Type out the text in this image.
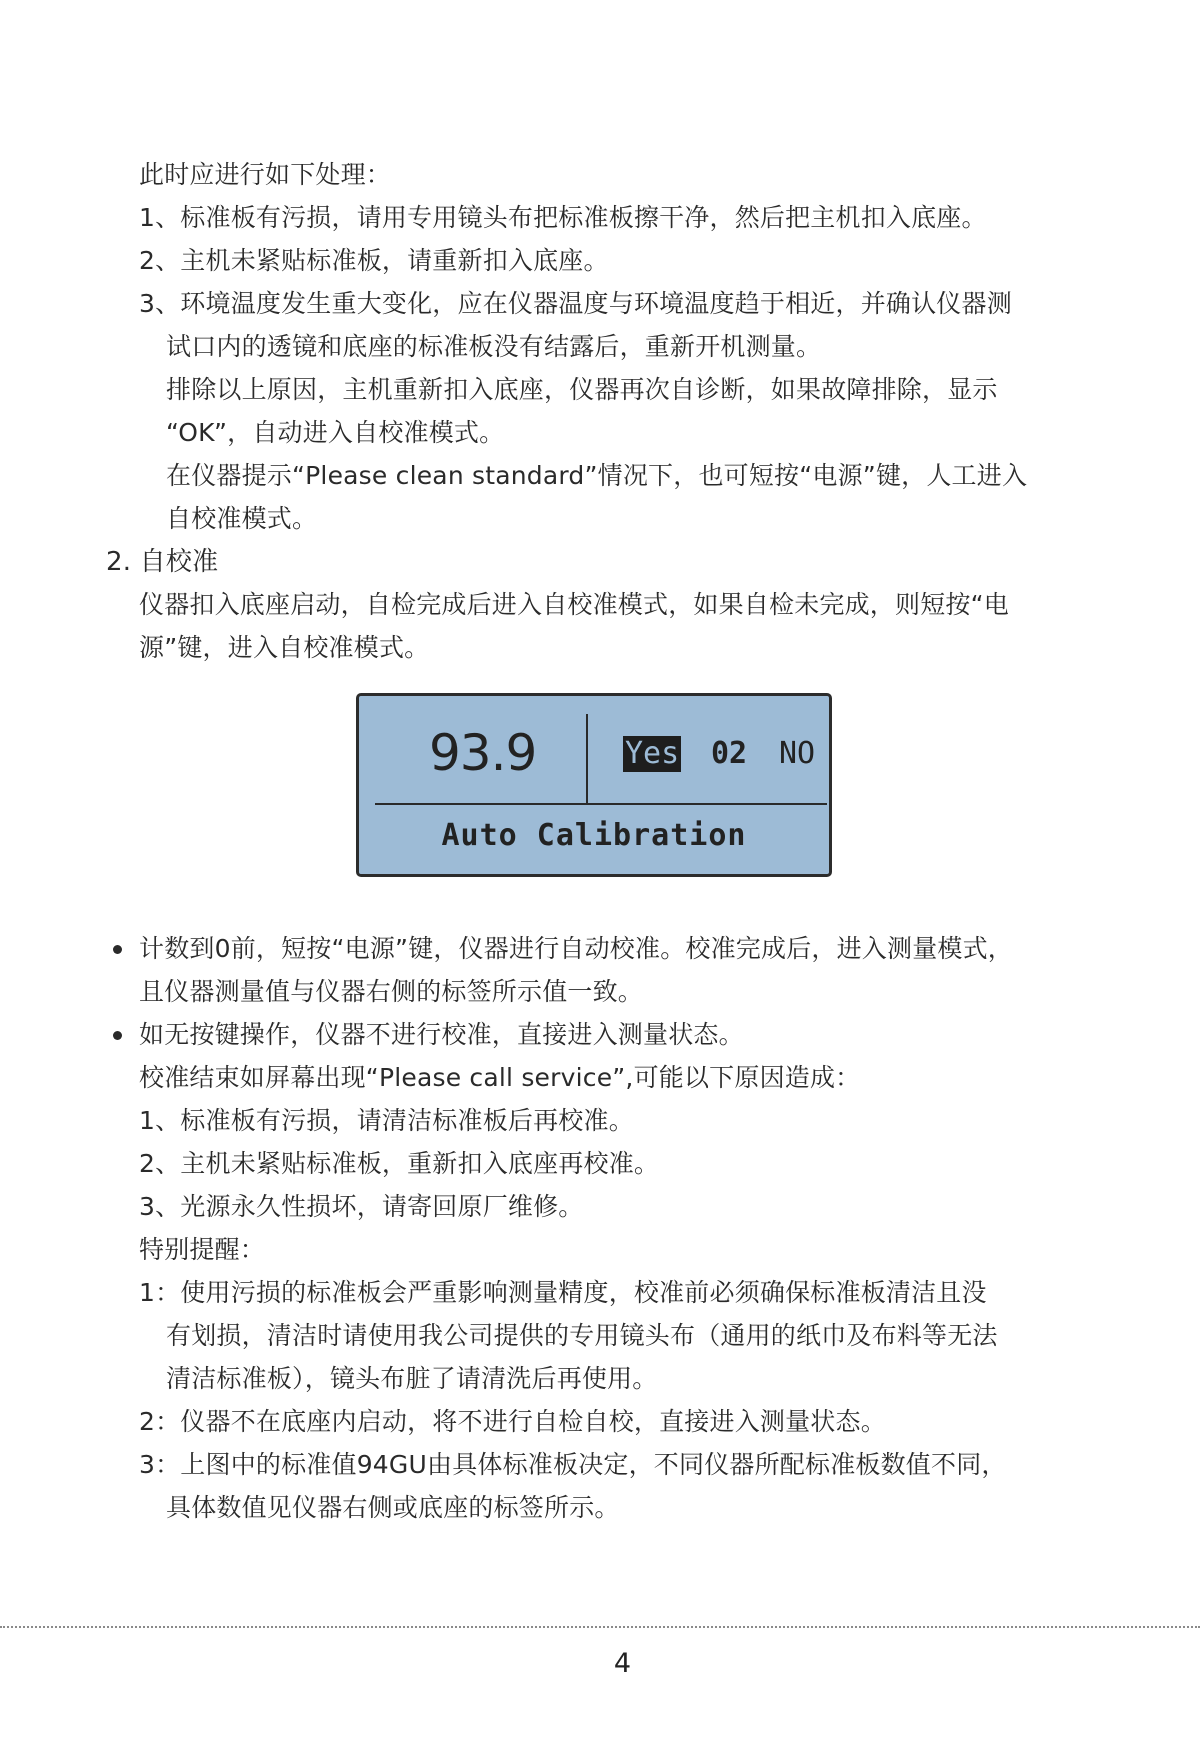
此时应进行如下处理：
1、标准板有污损，请用专用镜头布把标准板擦干净，然后把主机扣入底座。
2、主机未紧贴标准板，请重新扣入底座。
3、环境温度发生重大变化，应在仪器温度与环境温度趋于相近，并确认仪器测
试口内的透镜和底座的标准板没有结露后，重新开机测量。
排除以上原因，主机重新扣入底座，仪器再次自诊断，如果故障排除，显示
“OK”，自动进入自校准模式。
在仪器提示“Please clean standard”情况下，也可短按“电源”键，人工进入
自校准模式。
2. 自校准
仪器扣入底座启动，自检完成后进入自校准模式，如果自检未完成，则短按“电
源”键，进入自校准模式。
93.9	Yes 02 NO
Auto Calibration
计数到0前，短按“电源”键，仪器进行自动校准。校准完成后，进入测量模式，
且仪器测量值与仪器右侧的标签所示值一致。
如无按键操作，仪器不进行校准，直接进入测量状态。
校准结束如屏幕出现“Please call service”,可能以下原因造成：
1、标准板有污损，请清洁标准板后再校准。
2、主机未紧贴标准板，重新扣入底座再校准。
3、光源永久性损坏，请寄回原厂维修。
特别提醒：
1：使用污损的标准板会严重影响测量精度，校准前必须确保标准板清洁且没
有划损，清洁时请使用我公司提供的专用镜头布（通用的纸巾及布料等无法
清洁标准板），镜头布脏了请清洗后再使用。
2：仪器不在底座内启动，将不进行自检自校，直接进入测量状态。
3：上图中的标准值94GU由具体标准板决定，不同仪器所配标准板数值不同，
具体数值见仪器右侧或底座的标签所示。
4
